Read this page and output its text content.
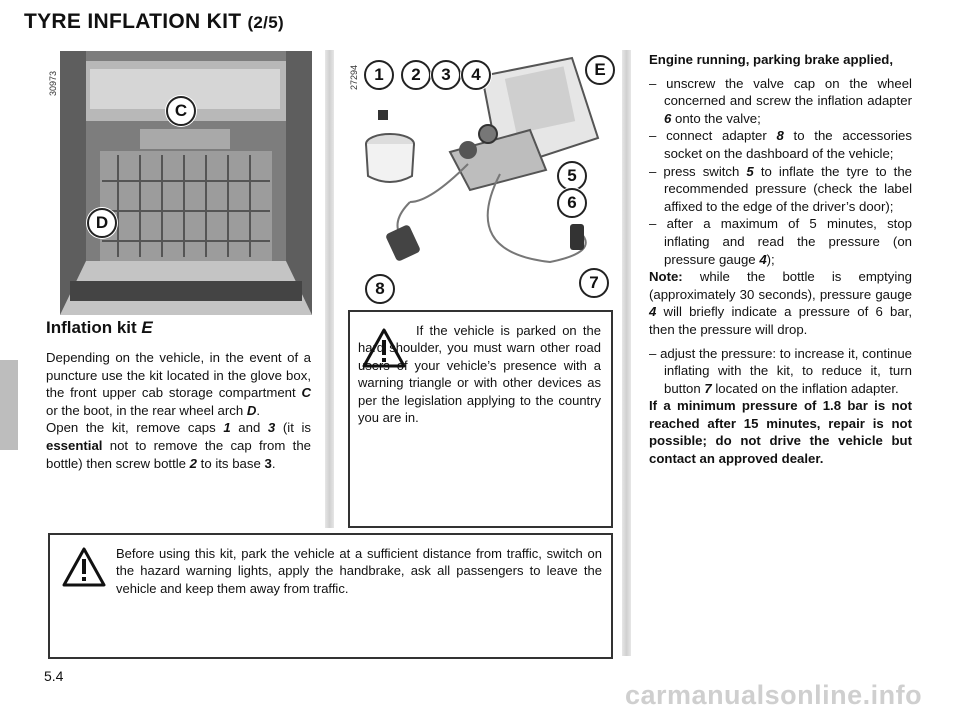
TYRE INFLATION KIT (2/5)
30973
C
D
27294 1	2	3	4	E
5
6
7
8
Inflation kit E
Depending on the vehicle, in the event of a puncture use the kit located in the glove box, the front upper cab storage compartment C or the boot, in the rear wheel arch D.
Open the kit, remove caps 1 and 3 (it is essential not to remove the cap from the bottle) then screw bottle 2 to its base 3.
If the vehicle is parked on the hard shoulder, you must warn other road users of your vehicle’s presence with a warning triangle or with other devices as per the legislation applying to the country you are in.
Before using this kit, park the vehicle at a sufficient distance from traffic, switch on the hazard warning lights, apply the handbrake, ask all passengers to leave the vehicle and keep them away from traffic.

Engine running, parking brake applied,

– unscrew the valve cap on the wheel concerned and screw the inflation adapter 6 onto the valve;

– connect adapter 8 to the accessories socket on the dashboard of the vehicle;

– press switch 5 to inflate the tyre to the recommended pressure (check the label affixed to the edge of the driver’s door);

– after a maximum of 5 minutes, stop inflating and read the pressure (on pressure gauge 4);

Note: while the bottle is emptying (approximately 30 seconds), pressure gauge 4 will briefly indicate a pressure of 6 bar, then the pressure will drop.

– adjust the pressure: to increase it, continue inflating with the kit, to reduce it, turn button 7 located on the inflation adapter.

If a minimum pressure of 1.8 bar is not reached after 15 minutes, repair is not possible; do not drive the vehicle but contact an approved dealer.

5.4
carmanualsonline.info
